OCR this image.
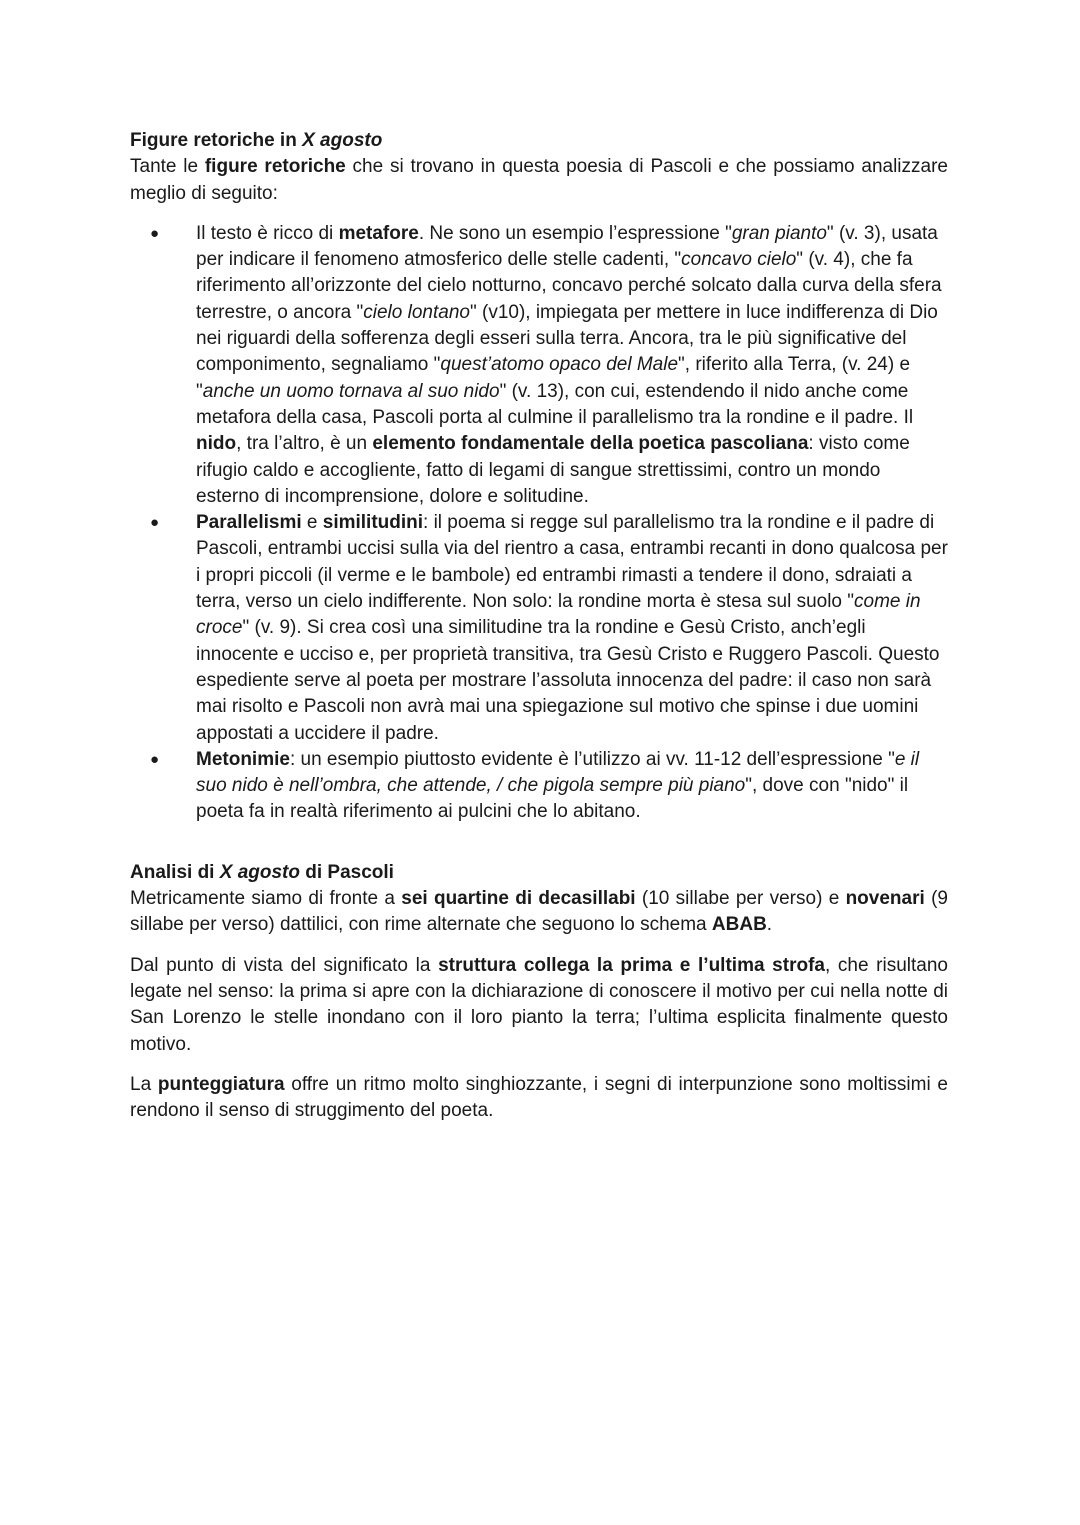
Figure retoriche in X agosto

Tante le figure retoriche che si trovano in questa poesia di Pascoli e che possiamo analizzare meglio di seguito:

● Il testo è ricco di metafore. Ne sono un esempio l’espressione "gran pianto" (v. 3), usata per indicare il fenomeno atmosferico delle stelle cadenti, "concavo cielo" (v. 4), che fa riferimento all’orizzonte del cielo notturno, concavo perché solcato dalla curva della sfera terrestre, o ancora "cielo lontano" (v10), impiegata per mettere in luce indifferenza di Dio nei riguardi della sofferenza degli esseri sulla terra. Ancora, tra le più significative del componimento, segnaliamo "quest’atomo opaco del Male", riferito alla Terra, (v. 24) e "anche un uomo tornava al suo nido" (v. 13), con cui, estendendo il nido anche come metafora della casa, Pascoli porta al culmine il parallelismo tra la rondine e il padre. Il nido, tra l’altro, è un elemento fondamentale della poetica pascoliana: visto come rifugio caldo e accogliente, fatto di legami di sangue strettissimi, contro un mondo esterno di incomprensione, dolore e solitudine.
● Parallelismi e similitudini: il poema si regge sul parallelismo tra la rondine e il padre di Pascoli, entrambi uccisi sulla via del rientro a casa, entrambi recanti in dono qualcosa per i propri piccoli (il verme e le bambole) ed entrambi rimasti a tendere il dono, sdraiati a terra, verso un cielo indifferente. Non solo: la rondine morta è stesa sul suolo "come in croce" (v. 9). Si crea così una similitudine tra la rondine e Gesù Cristo, anch’egli innocente e ucciso e, per proprietà transitiva, tra Gesù Cristo e Ruggero Pascoli. Questo espediente serve al poeta per mostrare l’assoluta innocenza del padre: il caso non sarà mai risolto e Pascoli non avrà mai una spiegazione sul motivo che spinse i due uomini appostati a uccidere il padre.
● Metonimie: un esempio piuttosto evidente è l’utilizzo ai vv. 11-12 dell’espressione "e il suo nido è nell’ombra, che attende, / che pigola sempre più piano", dove con "nido" il poeta fa in realtà riferimento ai pulcini che lo abitano.
Analisi di X agosto di Pascoli

Metricamente siamo di fronte a sei quartine di decasillabi (10 sillabe per verso) e novenari (9 sillabe per verso) dattilici, con rime alternate che seguono lo schema ABAB.

Dal punto di vista del significato la struttura collega la prima e l’ultima strofa, che risultano legate nel senso: la prima si apre con la dichiarazione di conoscere il motivo per cui nella notte di San Lorenzo le stelle inondano con il loro pianto la terra; l’ultima esplicita finalmente questo motivo.

La punteggiatura offre un ritmo molto singhiozzante, i segni di interpunzione sono moltissimi e rendono il senso di struggimento del poeta.
